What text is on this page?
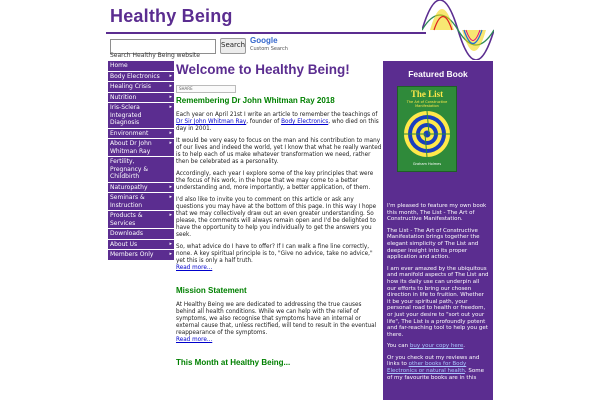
Healthy Being
Search Google
Custom Search
Search Healthy Being website
Home
Body Electronics ▸
Healing Crisis	▸
Nutrition	▸
Iris-Sclera Integrated Diagnosis
▸
Environment	▸
About Dr John Whitman Ray
▸
Fertility, Pregnancy & Childbirth
Naturopathy	▸
Seminars & Instruction
▸
Products & Services
▸
Downloads
About Us	▸
Members Only	▸
Welcome to Healthy Being!
SHARE
Remembering Dr John Whitman Ray 2018

Each year on April 21st I write an article to remember the teachings of Dr Sir John Whitman Ray, founder of Body Electronics, who died on this day in 2001.

It would be very easy to focus on the man and his contribution to many of our lives and indeed the world, yet I know that what he really wanted is to help each of us make whatever transformation we need, rather then be celebrated as a personality.

Accordingly, each year I explore some of the key principles that were the focus of his work, in the hope that we may come to a better understanding and, more importantly, a better application, of them.

I'd also like to invite you to comment on this article or ask any questions you may have at the bottom of this page. In this way I hope that we may collectively draw out an even greater understanding. So please, the comments will always remain open and I'd be delighted to have the opportunity to help you individually to get the answers you seek.

So, what advice do I have to offer? If I can walk a fine line correctly, none. A key spiritual principle is to, "Give no advice, take no advice," yet this is only a half truth.
Read more...

Mission Statement

At Healthy Being we are dedicated to addressing the true causes behind all health conditions. While we can help with the relief of symptoms, we also recognise that symptoms have an internal or external cause that, unless rectified, will tend to result in the eventual reappearance of the symptoms.
Read more...

This Month at Healthy Being...
Featured Book
The List
The Art of Constructive Manifestation
Graham Holmes

I'm pleased to feature my own book this month, The List - The Art of Constructive Manifestation.

The List - The Art of Constructive Manifestation brings together the elegant simplicity of The List and deeper insight into its proper application and action.

I am ever amazed by the ubiquitous and manifold aspects of The List and how its daily use can underpin all our efforts to bring our chosen direction in life to fruition. Whether it be your spiritual path, your personal road to health or freedom, or just your desire to "sort out your life", The List is a profoundly potent and far-reaching tool to help you get there.

You can buy your copy here.

Or you check out my reviews and links to other books for Body Electronics or natural health. Some of my favourite books are in this
